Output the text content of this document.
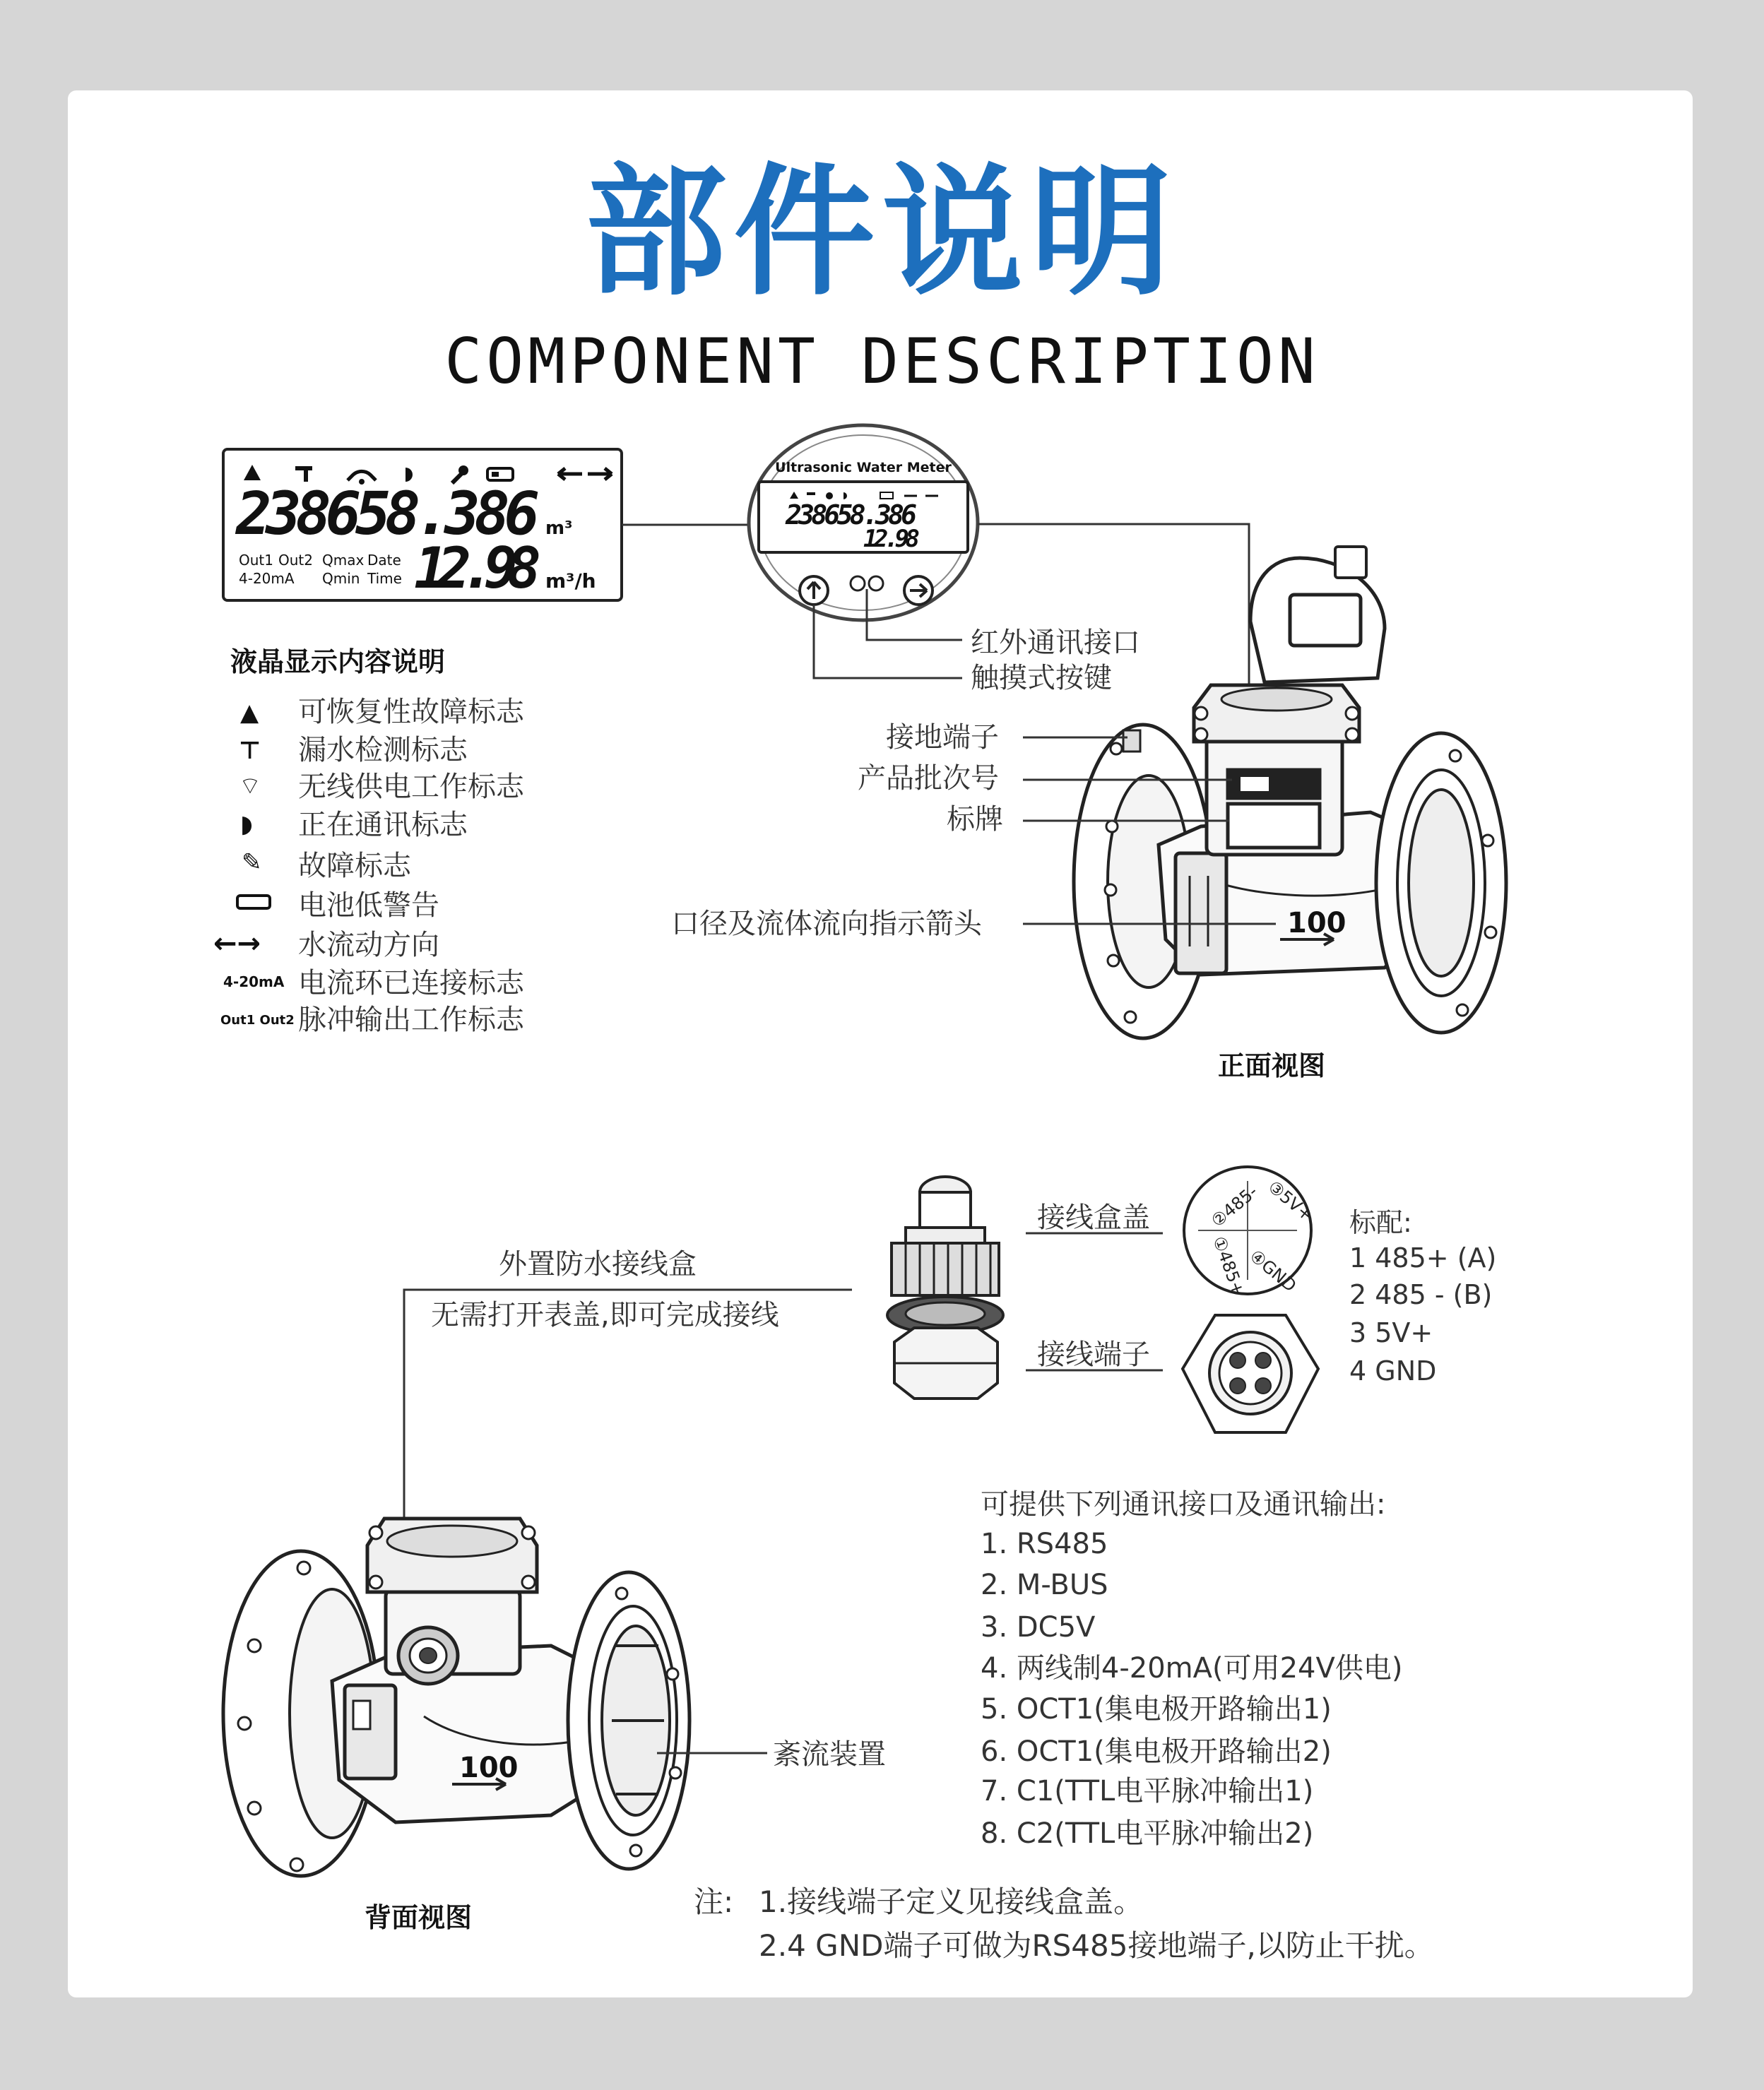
部件说明
COMPONENT DESCRIPTION
238658.386 m³
Out1 Out2 Qmax Date
4-20mA Qmin Time 12.98 m³/h
Ultrasonic Water Meter
238658.386
12.98
100
②485- ③5V+
④GND
①485+
100
液晶显示内容说明
▲ 可恢复性故障标志
⊤ 漏水检测标志
⌔ 无线供电工作标志
◗ 正在通讯标志
✎ 故障标志
电池低警告
←→ 水流动方向
4-20mA 电流环已连接标志
Out1 Out2 脉冲输出工作标志
红外通讯接口
触摸式按键
接地端子
产品批次号
标牌
口径及流体流向指示箭头
正面视图
外置防水接线盒
无需打开表盖,即可完成接线
接线盒盖
接线端子
标配:
1 485+ (A)
2 485 - (B)
3 5V+
4 GND
可提供下列通讯接口及通讯输出:
1. RS485
2. M-BUS
3. DC5V
4. 两线制4-20mA(可用24V供电)
5. OCT1(集电极开路输出1)
6. OCT1(集电极开路输出2)
7. C1(TTL电平脉冲输出1)
8. C2(TTL电平脉冲输出2)
紊流装置
背面视图	注: 1.接线端子定义见接线盒盖。
2.4 GND端子可做为RS485接地端子,以防止干扰。
